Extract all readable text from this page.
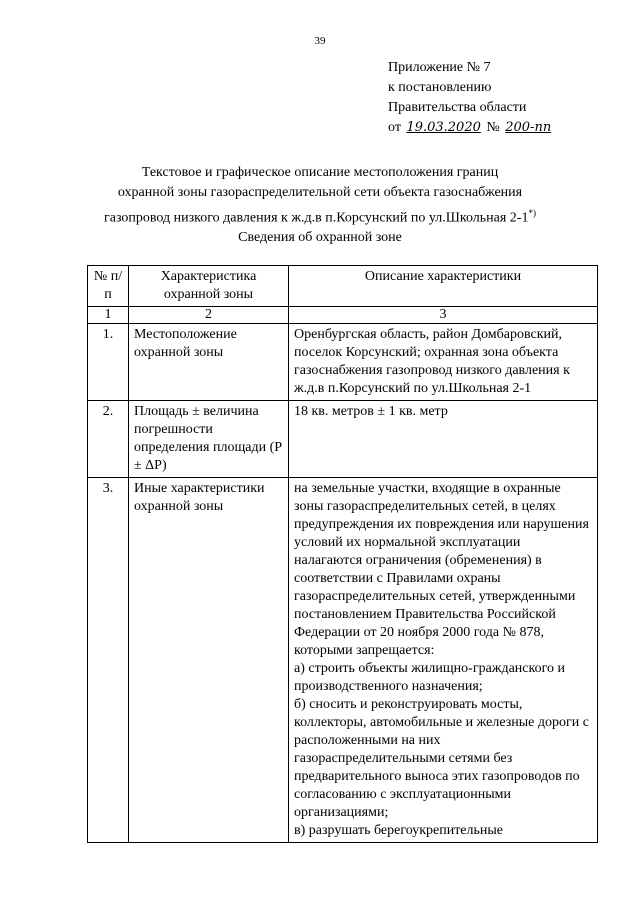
39
Приложение № 7
к постановлению
Правительства области
от 19.03.2020 № 200-пп
Текстовое и графическое описание местоположения границ
охранной зоны газораспределительной сети объекта газоснабжения
газопровод низкого давления к ж.д.в п.Корсунский по ул.Школьная 2-1*)
Сведения об охранной зоне
№ п/п	Характеристика охранной зоны	Описание характеристики
1	2	3
1.	Местоположение охранной зоны	Оренбургская область, район Домбаровский, поселок Корсунский; охранная зона объекта газоснабжения газопровод низкого давления к ж.д.в п.Корсунский по ул.Школьная 2-1
2.	Площадь ± величина погрешности определения площади (P ± ΔP)	18 кв. метров ± 1 кв. метр
3.	Иные характеристики охранной зоны	на земельные участки, входящие в охранные зоны газораспределительных сетей, в целях предупреждения их повреждения или нарушения условий их нормальной эксплуатации налагаются ограничения (обременения) в соответствии с Правилами охраны газораспределительных сетей, утвержденными постановлением Правительства Российской Федерации от 20 ноября 2000 года № 878, которыми запрещается:
а) строить объекты жилищно-гражданского и производственного назначения;
б) сносить и реконструировать мосты, коллекторы, автомобильные и железные дороги с расположенными на них газораспределительными сетями без предварительного выноса этих газопроводов по согласованию с эксплуатационными организациями;
в) разрушать берегоукрепительные
